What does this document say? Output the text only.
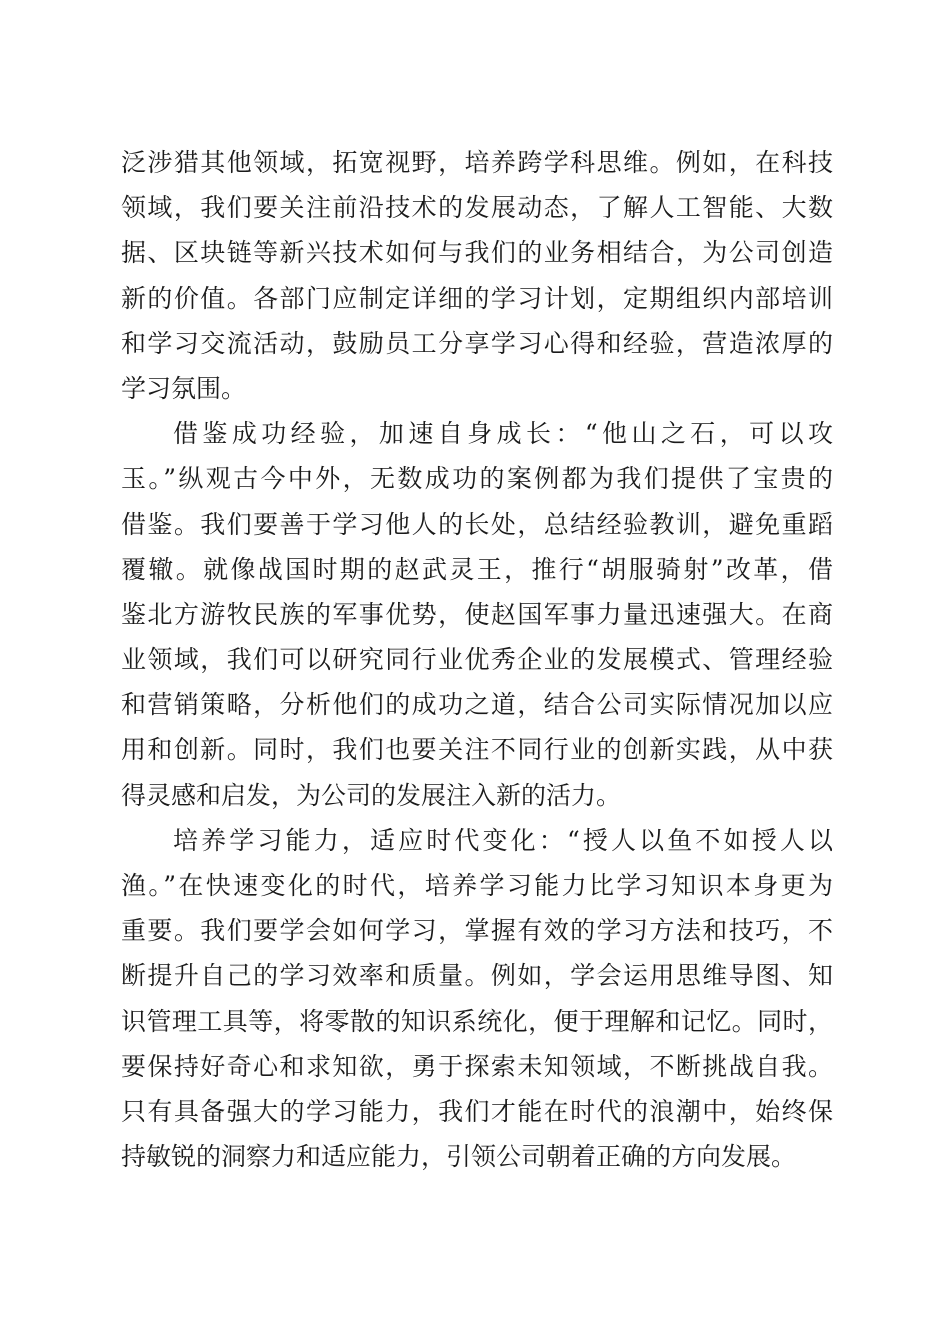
泛涉猎其他领域，拓宽视野，培养跨学科思维。例如，在科技
领域，我们要关注前沿技术的发展动态，了解人工智能、大数
据、区块链等新兴技术如何与我们的业务相结合，为公司创造
新的价值。各部门应制定详细的学习计划，定期组织内部培训
和学习交流活动，鼓励员工分享学习心得和经验，营造浓厚的
学习氛围。
借鉴成功经验，加速自身成长：“他山之石，可以攻
玉。”纵观古今中外，无数成功的案例都为我们提供了宝贵的
借鉴。我们要善于学习他人的长处，总结经验教训，避免重蹈
覆辙。就像战国时期的赵武灵王，推行“胡服骑射”改革，借
鉴北方游牧民族的军事优势，使赵国军事力量迅速强大。在商
业领域，我们可以研究同行业优秀企业的发展模式、管理经验
和营销策略，分析他们的成功之道，结合公司实际情况加以应
用和创新。同时，我们也要关注不同行业的创新实践，从中获
得灵感和启发，为公司的发展注入新的活力。
培养学习能力，适应时代变化：“授人以鱼不如授人以
渔。”在快速变化的时代，培养学习能力比学习知识本身更为
重要。我们要学会如何学习，掌握有效的学习方法和技巧，不
断提升自己的学习效率和质量。例如，学会运用思维导图、知
识管理工具等，将零散的知识系统化，便于理解和记忆。同时，
要保持好奇心和求知欲，勇于探索未知领域，不断挑战自我。
只有具备强大的学习能力，我们才能在时代的浪潮中，始终保
持敏锐的洞察力和适应能力，引领公司朝着正确的方向发展。
